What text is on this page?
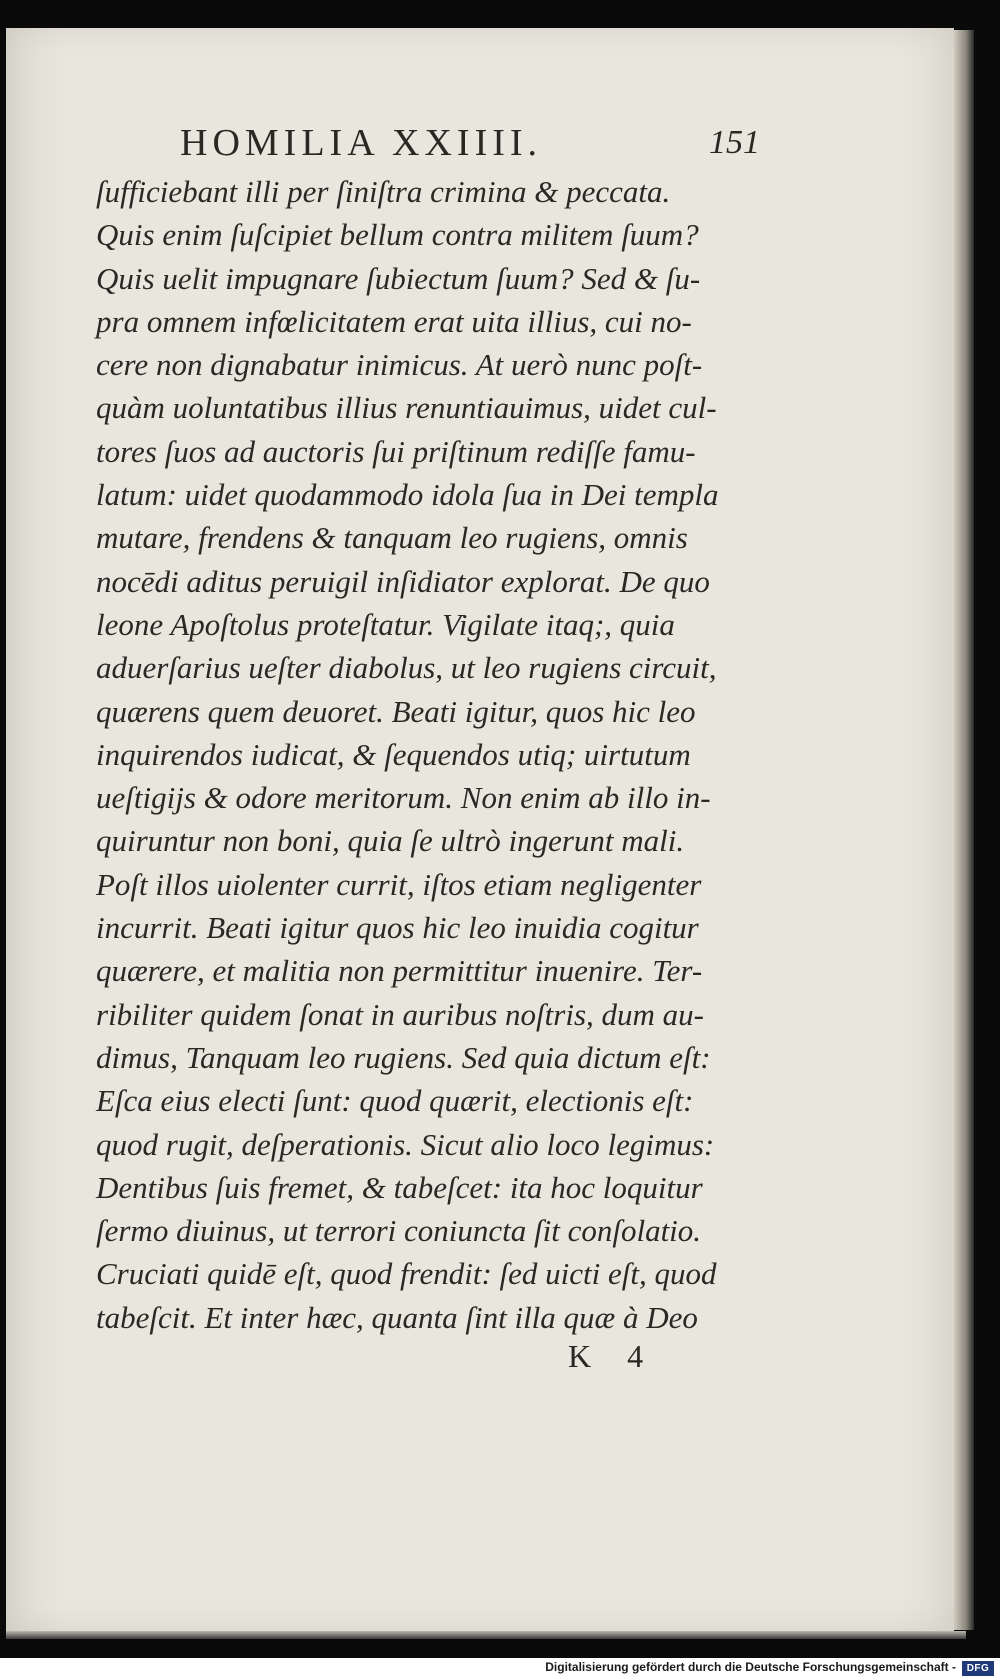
HOMILIA XXIIII.	151
ſufficiebant illi per ſiniſtra crimina & peccata.
Quis enim ſuſcipiet bellum contra militem ſuum?
Quis uelit impugnare ſubiectum ſuum? Sed & ſu-
pra omnem infœlicitatem erat uita illius, cui no-
cere non dignabatur inimicus. At uerò nunc poſt-
quàm uoluntatibus illius renuntiauimus, uidet cul-
tores ſuos ad auctoris ſui priſtinum rediſſe famu-
latum: uidet quodammodo idola ſua in Dei templa
mutare, frendens & tanquam leo rugiens, omnis
nocēdi aditus peruigil inſidiator explorat. De quo
leone Apoſtolus proteſtatur. Vigilate itaq;, quia
aduerſarius ueſter diabolus, ut leo rugiens circuit,
quærens quem deuoret. Beati igitur, quos hic leo
inquirendos iudicat, & ſequendos utiq; uirtutum
ueſtigijs & odore meritorum. Non enim ab illo in-
quiruntur non boni, quia ſe ultrò ingerunt mali.
Poſt illos uiolenter currit, iſtos etiam negligenter
incurrit. Beati igitur quos hic leo inuidia cogitur
quærere, et malitia non permittitur inuenire. Ter-
ribiliter quidem ſonat in auribus noſtris, dum au-
dimus, Tanquam leo rugiens. Sed quia dictum eſt:
Eſca eius electi ſunt: quod quærit, electionis eſt:
quod rugit, deſperationis. Sicut alio loco legimus:
Dentibus ſuis fremet, & tabeſcet: ita hoc loquitur
ſermo diuinus, ut terrori coniuncta ſit conſolatio.
Cruciati quidē eſt, quod frendit: ſed uicti eſt, quod
tabeſcit. Et inter hæc, quanta ſint illa quæ à Deo
K 4
Digitalisierung gefördert durch die Deutsche Forschungsgemeinschaft -	DFG
